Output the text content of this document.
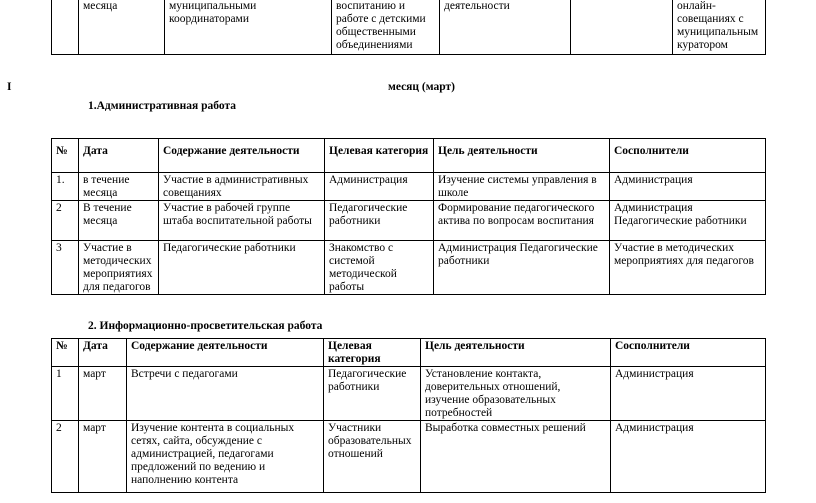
	месяца	муниципальными координаторами	воспитанию и работе с детскими общественными объединениями	деятельности		онлайн-совещаниях с муниципальным куратором
I	месяц (март)
1.Административная работа
№	Дата	Содержание деятельности	Целевая категория	Цель деятельности	Сосполнители
1.	в течение месяца	Участие в административных совещаниях	Администрация	Изучение системы управления в школе	Администрация
2	В течение месяца	Участие в рабочей группе штаба воспитательной работы	Педагогические работники	Формирование педагогического актива по вопросам воспитания	Администрация Педагогические работники
3	Участие в методических мероприятиях для педагогов	Педагогические работники	Знакомство с системой методической работы	Администрация Педагогические работники	Участие в методических мероприятиях для педагогов
2. Информационно-просветительская работа
№	Дата	Содержание деятельности	Целевая категория	Цель деятельности	Сосполнители
1	март	Встречи с педагогами	Педагогические работники	Установление контакта, доверительных отношений, изучение образовательных потребностей	Администрация
2	март	Изучение контента в социальных сетях, сайта, обсуждение с администрацией, педагогами предложений по ведению и наполнению контента	Участники образовательных отношений	Выработка совместных решений	Администрация
